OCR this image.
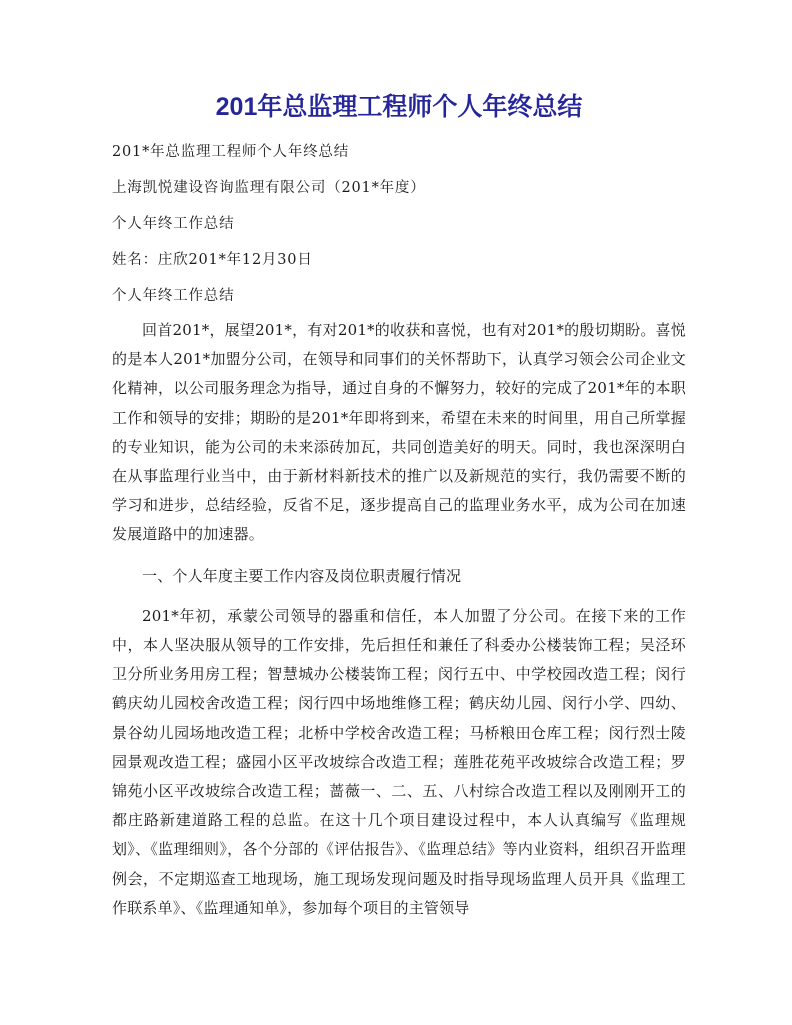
201年总监理工程师个人年终总结

201*年总监理工程师个人年终总结

上海凯悦建设咨询监理有限公司（201*年度）

个人年终工作总结

姓名：庄欣201*年12月30日

个人年终工作总结

回首201*，展望201*，有对201*的收获和喜悦，也有对201*的殷切期盼。喜悦的是本人201*加盟分公司，在领导和同事们的关怀帮助下，认真学习领会公司企业文化精神，以公司服务理念为指导，通过自身的不懈努力，较好的完成了201*年的本职工作和领导的安排；期盼的是201*年即将到来，希望在未来的时间里，用自己所掌握的专业知识，能为公司的未来添砖加瓦，共同创造美好的明天。同时，我也深深明白在从事监理行业当中，由于新材料新技术的推广以及新规范的实行，我仍需要不断的学习和进步，总结经验，反省不足，逐步提高自己的监理业务水平，成为公司在加速发展道路中的加速器。

一、个人年度主要工作内容及岗位职责履行情况

201*年初，承蒙公司领导的器重和信任，本人加盟了分公司。在接下来的工作中，本人坚决服从领导的工作安排，先后担任和兼任了科委办公楼装饰工程；吴泾环卫分所业务用房工程；智慧城办公楼装饰工程；闵行五中、中学校园改造工程；闵行鹤庆幼儿园校舍改造工程；闵行四中场地维修工程；鹤庆幼儿园、闵行小学、四幼、景谷幼儿园场地改造工程；北桥中学校舍改造工程；马桥粮田仓库工程；闵行烈士陵园景观改造工程；盛园小区平改坡综合改造工程；莲胜花苑平改坡综合改造工程；罗锦苑小区平改坡综合改造工程；蔷薇一、二、五、八村综合改造工程以及刚刚开工的都庄路新建道路工程的总监。在这十几个项目建设过程中，本人认真编写《监理规划》、《监理细则》，各个分部的《评估报告》、《监理总结》等内业资料，组织召开监理例会，不定期巡查工地现场，施工现场发现问题及时指导现场监理人员开具《监理工作联系单》、《监理通知单》，参加每个项目的主管领导
